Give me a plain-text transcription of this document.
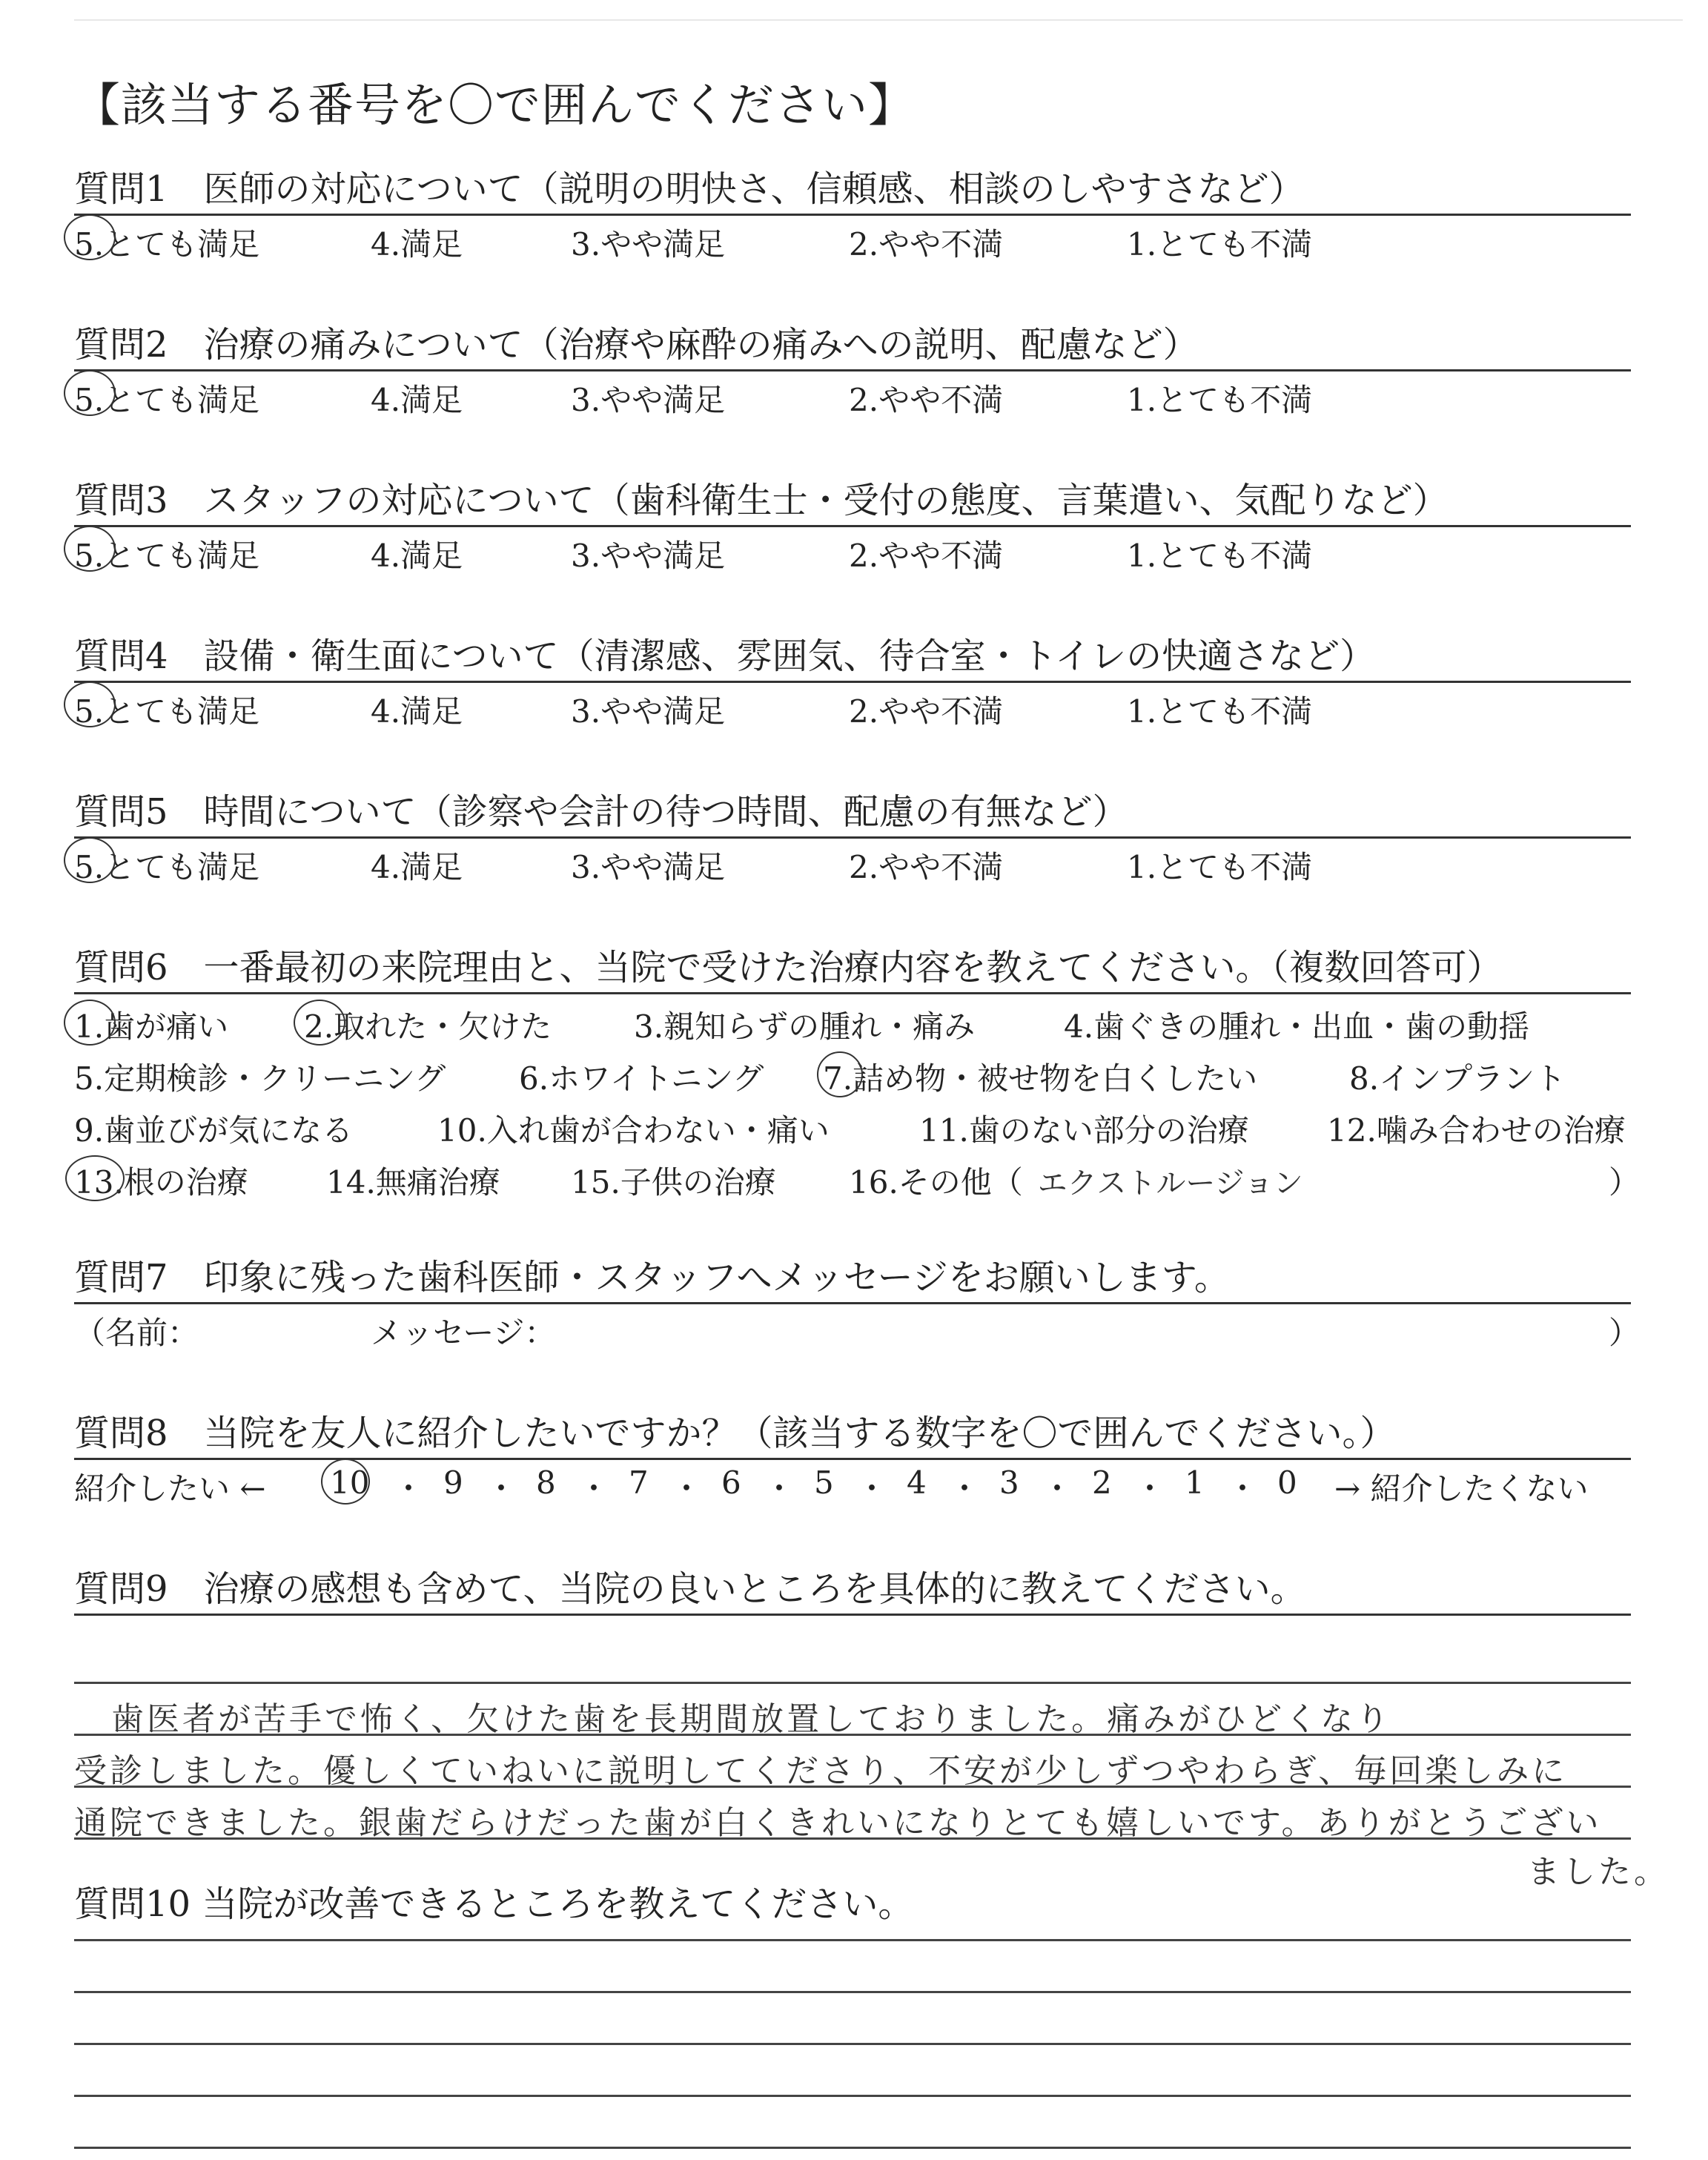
【該当する番号を〇で囲んでください】
質問1　医師の対応について（説明の明快さ、信頼感、相談のしやすさなど）
5.とても満足	4.満足	3.やや満足	2.やや不満	1.とても不満
質問2　治療の痛みについて（治療や麻酔の痛みへの説明、配慮など）
5.とても満足	4.満足	3.やや満足	2.やや不満	1.とても不満
質問3　スタッフの対応について（歯科衛生士・受付の態度、言葉遣い、気配りなど）
5.とても満足	4.満足	3.やや満足	2.やや不満	1.とても不満
質問4　設備・衛生面について（清潔感、雰囲気、待合室・トイレの快適さなど）
5.とても満足	4.満足	3.やや満足	2.やや不満	1.とても不満
質問5　時間について（診察や会計の待つ時間、配慮の有無など）
5.とても満足	4.満足	3.やや満足	2.やや不満	1.とても不満
質問6　一番最初の来院理由と、当院で受けた治療内容を教えてください。（複数回答可）
1.歯が痛い 2.取れた・欠けた	3.親知らずの腫れ・痛み	4.歯ぐきの腫れ・出血・歯の動揺
5.定期検診・クリーニング 6.ホワイトニング 7.詰め物・被せ物を白くしたい	8.インプラント
9.歯並びが気になる	10.入れ歯が合わない・痛い	11.歯のない部分の治療	12.噛み合わせの治療
13.根の治療	14.無痛治療 15.子供の治療 16.その他（ エクストルージョン	）
質問7　印象に残った歯科医師・スタッフへメッセージをお願いします。
（名前：	メッセージ：	）
質問8　当院を友人に紹介したいですか？（該当する数字を〇で囲んでください。）
紹介したい ← 10 ・ 9 ・ 8 ・ 7 ・ 6 ・ 5 ・ 4 ・ 3 ・ 2 ・ 1 ・ 0 → 紹介したくない
質問9　治療の感想も含めて、当院の良いところを具体的に教えてください。
歯医者が苦手で怖く、欠けた歯を長期間放置しておりました。痛みがひどくなり
受診しました。優しくていねいに説明してくださり、不安が少しずつやわらぎ、毎回楽しみに
通院できました。銀歯だらけだった歯が白くきれいになりとても嬉しいです。ありがとうござい
ました。
質問10 当院が改善できるところを教えてください。
